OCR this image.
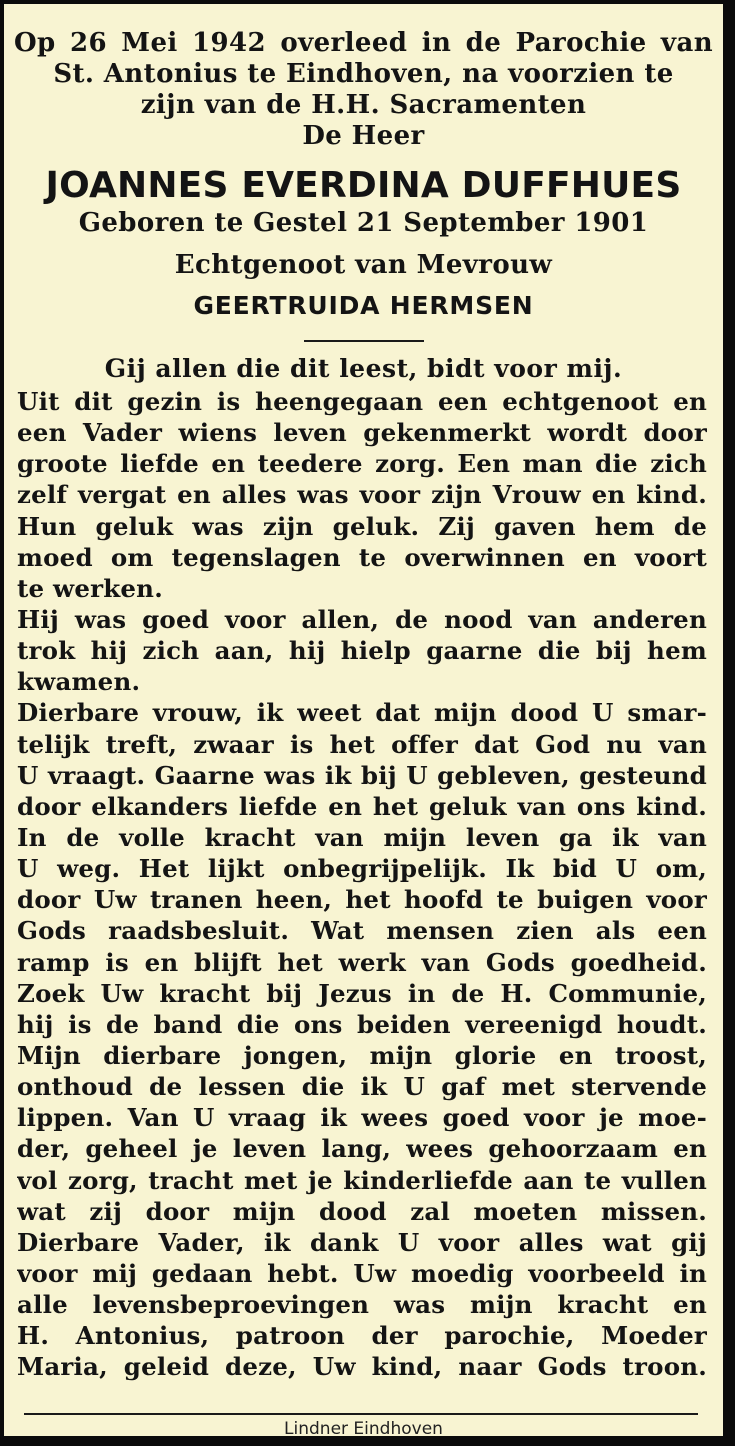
Op 26 Mei 1942 overleed in de Parochie van
St. Antonius te Eindhoven, na voorzien te
zijn van de H.H. Sacramenten
De Heer
JOANNES EVERDINA DUFFHUES
Geboren te Gestel 21 September 1901
Echtgenoot van Mevrouw
GEERTRUIDA HERMSEN
Gij allen die dit leest, bidt voor mij.
Uit dit gezin is heengegaan een echtgenoot en
een Vader wiens leven gekenmerkt wordt door
groote liefde en teedere zorg. Een man die zich
zelf vergat en alles was voor zijn Vrouw en kind.
Hun geluk was zijn geluk. Zij gaven hem de
moed om tegenslagen te overwinnen en voort
te werken.
Hij was goed voor allen, de nood van anderen
trok hij zich aan, hij hielp gaarne die bij hem
kwamen.
Dierbare vrouw, ik weet dat mijn dood U smar-
telijk treft, zwaar is het offer dat God nu van
U vraagt. Gaarne was ik bij U gebleven, gesteund
door elkanders liefde en het geluk van ons kind.
In de volle kracht van mijn leven ga ik van
U weg. Het lijkt onbegrijpelijk. Ik bid U om,
door Uw tranen heen, het hoofd te buigen voor
Gods raadsbesluit. Wat mensen zien als een
ramp is en blijft het werk van Gods goedheid.
Zoek Uw kracht bij Jezus in de H. Communie,
hij is de band die ons beiden vereenigd houdt.
Mijn dierbare jongen, mijn glorie en troost,
onthoud de lessen die ik U gaf met stervende
lippen. Van U vraag ik wees goed voor je moe-
der, geheel je leven lang, wees gehoorzaam en
vol zorg, tracht met je kinderliefde aan te vullen
wat zij door mijn dood zal moeten missen.
Dierbare Vader, ik dank U voor alles wat gij
voor mij gedaan hebt. Uw moedig voorbeeld in
alle levensbeproevingen was mijn kracht en
H. Antonius, patroon der parochie, Moeder
Maria, geleid deze, Uw kind, naar Gods troon.
Lindner Eindhoven
